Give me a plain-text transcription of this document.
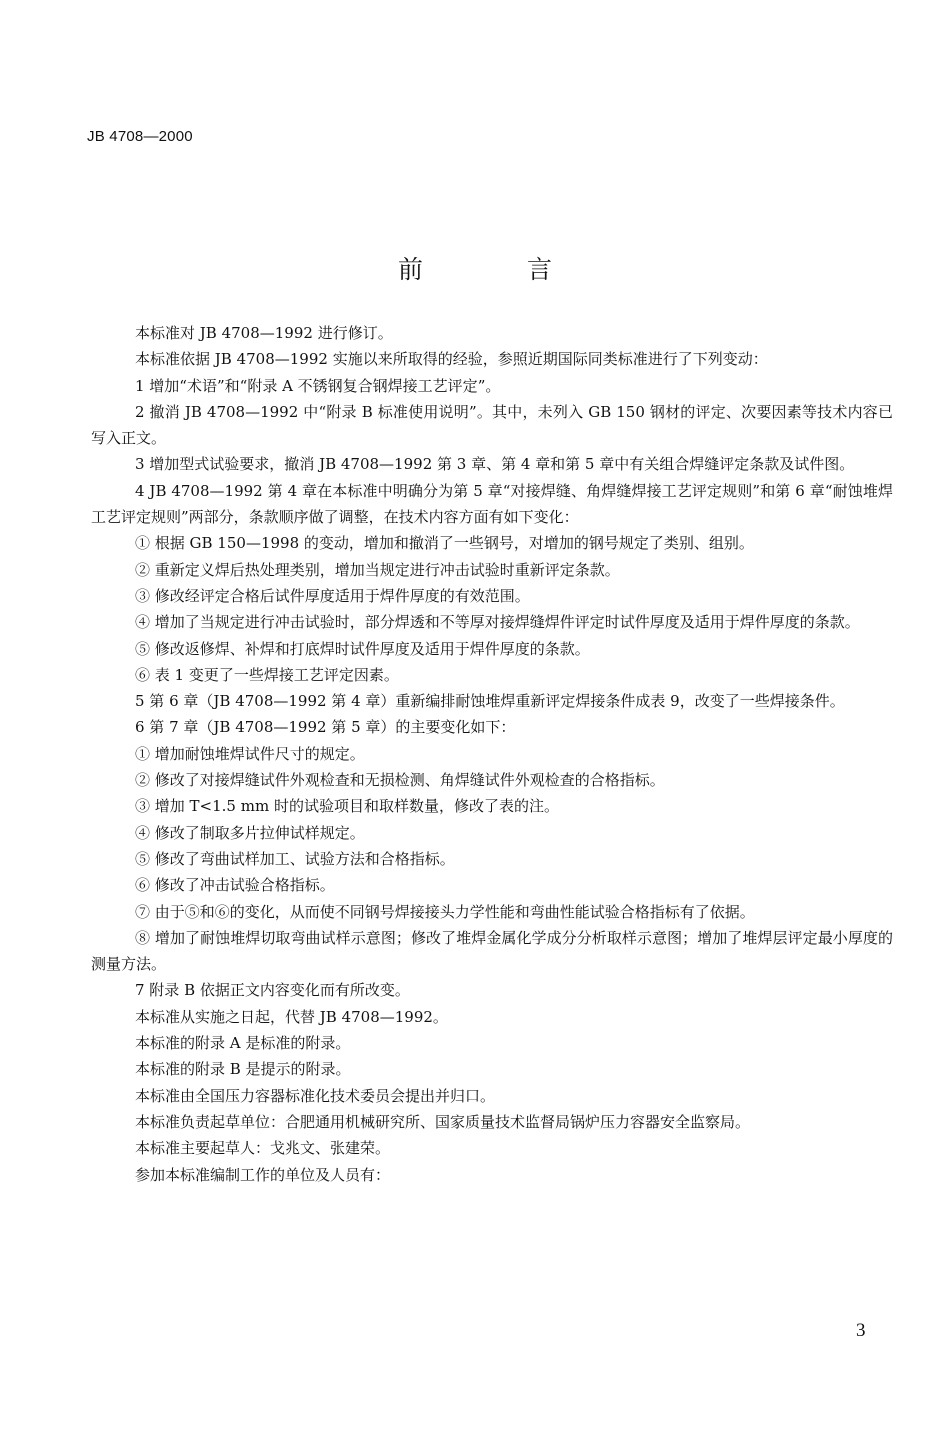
JB 4708—2000
前 言

本标准对 JB 4708—1992 进行修订。

本标准依据 JB 4708—1992 实施以来所取得的经验，参照近期国际同类标准进行了下列变动：

1 增加“术语”和“附录 A 不锈钢复合钢焊接工艺评定”。

2 撤消 JB 4708—1992 中“附录 B 标准使用说明”。其中，未列入 GB 150 钢材的评定、次要因素等技术内容已写入正文。

3 增加型式试验要求，撤消 JB 4708—1992 第 3 章、第 4 章和第 5 章中有关组合焊缝评定条款及试件图。

4 JB 4708—1992 第 4 章在本标准中明确分为第 5 章“对接焊缝、角焊缝焊接工艺评定规则”和第 6 章“耐蚀堆焊工艺评定规则”两部分，条款顺序做了调整，在技术内容方面有如下变化：

① 根据 GB 150—1998 的变动，增加和撤消了一些钢号，对增加的钢号规定了类别、组别。

② 重新定义焊后热处理类别，增加当规定进行冲击试验时重新评定条款。

③ 修改经评定合格后试件厚度适用于焊件厚度的有效范围。

④ 增加了当规定进行冲击试验时，部分焊透和不等厚对接焊缝焊件评定时试件厚度及适用于焊件厚度的条款。

⑤ 修改返修焊、补焊和打底焊时试件厚度及适用于焊件厚度的条款。

⑥ 表 1 变更了一些焊接工艺评定因素。

5 第 6 章（JB 4708—1992 第 4 章）重新编排耐蚀堆焊重新评定焊接条件成表 9，改变了一些焊接条件。

6 第 7 章（JB 4708—1992 第 5 章）的主要变化如下：

① 增加耐蚀堆焊试件尺寸的规定。

② 修改了对接焊缝试件外观检查和无损检测、角焊缝试件外观检查的合格指标。

③ 增加 T<1.5 mm 时的试验项目和取样数量，修改了表的注。

④ 修改了制取多片拉伸试样规定。

⑤ 修改了弯曲试样加工、试验方法和合格指标。

⑥ 修改了冲击试验合格指标。

⑦ 由于⑤和⑥的变化，从而使不同钢号焊接接头力学性能和弯曲性能试验合格指标有了依据。

⑧ 增加了耐蚀堆焊切取弯曲试样示意图；修改了堆焊金属化学成分分析取样示意图；增加了堆焊层评定最小厚度的测量方法。

7 附录 B 依据正文内容变化而有所改变。

本标准从实施之日起，代替 JB 4708—1992。

本标准的附录 A 是标准的附录。

本标准的附录 B 是提示的附录。

本标准由全国压力容器标准化技术委员会提出并归口。

本标准负责起草单位：合肥通用机械研究所、国家质量技术监督局锅炉压力容器安全监察局。

本标准主要起草人：戈兆文、张建荣。

参加本标准编制工作的单位及人员有：

3
